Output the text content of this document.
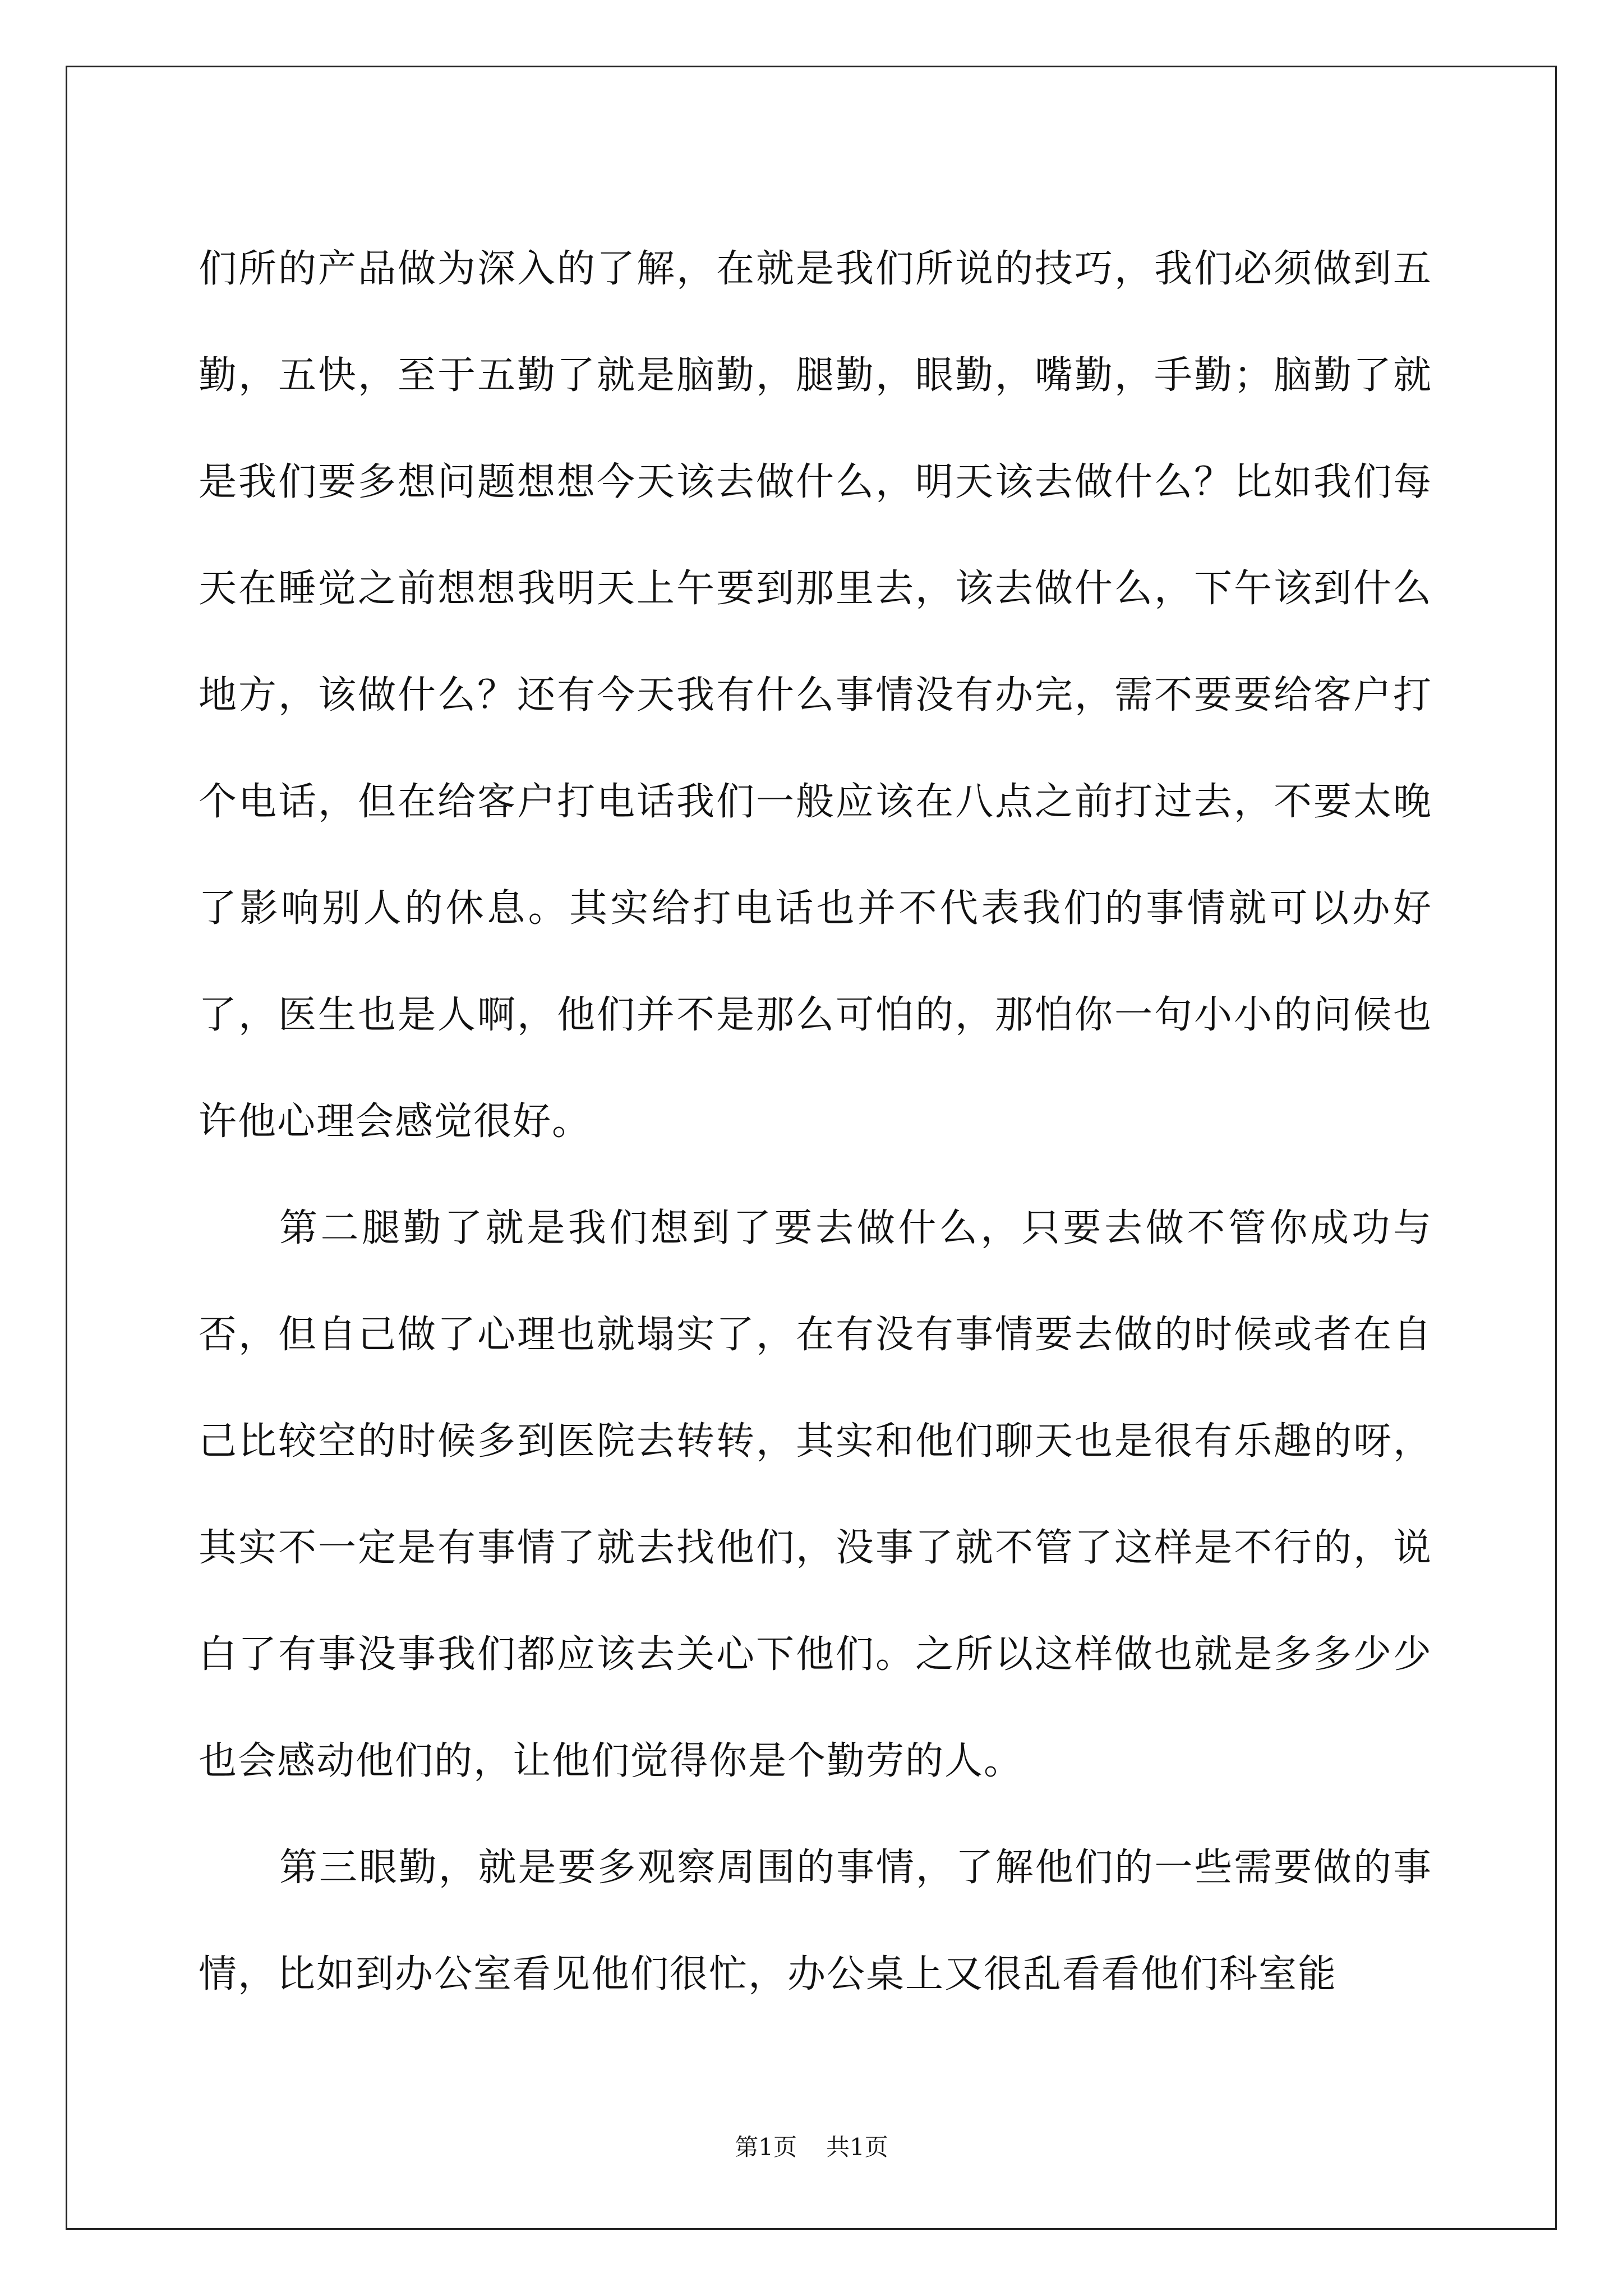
们所的产品做为深入的了解，在就是我们所说的技巧，我们必须做到五勤，五快，至于五勤了就是脑勤，腿勤，眼勤，嘴勤，手勤；脑勤了就是我们要多想问题想想今天该去做什么，明天该去做什么？比如我们每天在睡觉之前想想我明天上午要到那里去，该去做什么，下午该到什么地方，该做什么？还有今天我有什么事情没有办完，需不要要给客户打个电话，但在给客户打电话我们一般应该在八点之前打过去，不要太晚了影响别人的休息。其实给打电话也并不代表我们的事情就可以办好了，医生也是人啊，他们并不是那么可怕的，那怕你一句小小的问候也许他心理会感觉很好。

第二腿勤了就是我们想到了要去做什么，只要去做不管你成功与否，但自己做了心理也就塌实了，在有没有事情要去做的时候或者在自己比较空的时候多到医院去转转，其实和他们聊天也是很有乐趣的呀，其实不一定是有事情了就去找他们，没事了就不管了这样是不行的，说白了有事没事我们都应该去关心下他们。之所以这样做也就是多多少少也会感动他们的，让他们觉得你是个勤劳的人。

第三眼勤，就是要多观察周围的事情，了解他们的一些需要做的事情，比如到办公室看见他们很忙，办公桌上又很乱看看他们科室能

第1页 共1页
